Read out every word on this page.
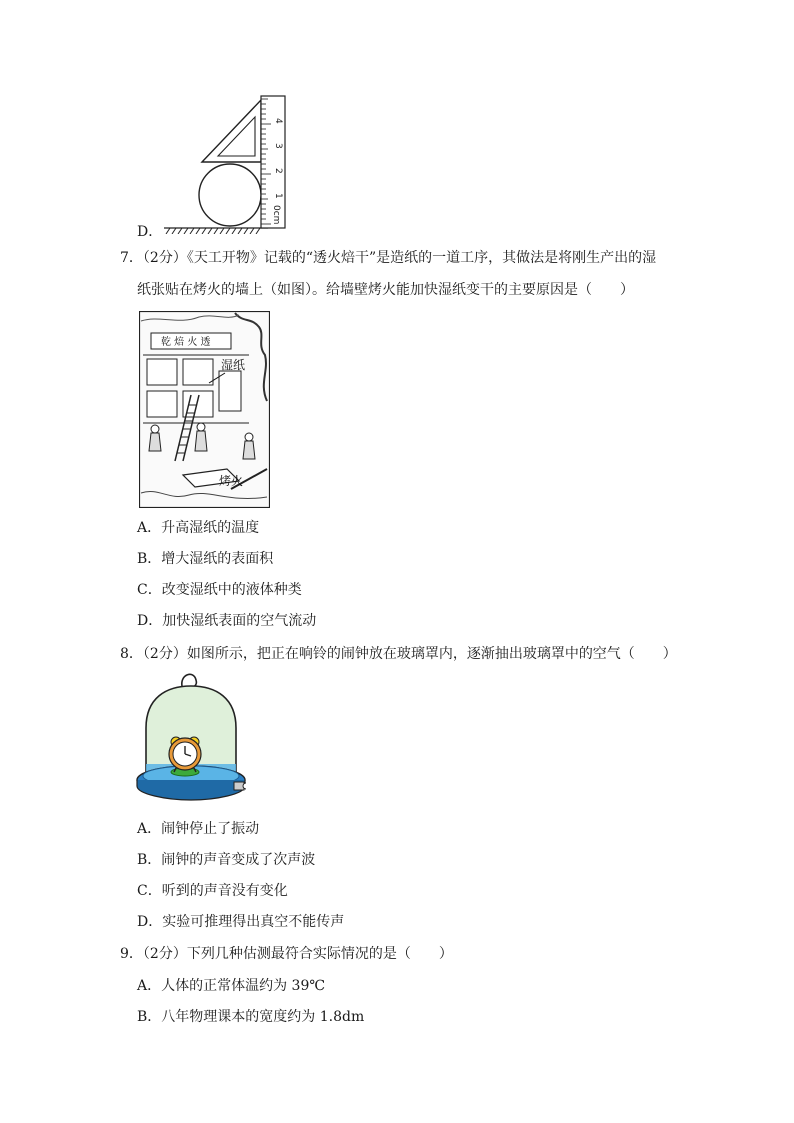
4
3
2
1
0cm
D．
7．（2分）《天工开物》记载的“透火焙干”是造纸的一道工序，其做法是将刚生产出的湿
纸张贴在烤火的墙上（如图）。给墙壁烤火能加快湿纸变干的主要原因是（　　）
乾 焙 火 透
湿纸
烤火
A．升高湿纸的温度
B．增大湿纸的表面积
C．改变湿纸中的液体种类
D．加快湿纸表面的空气流动
8．（2分）如图所示，把正在响铃的闹钟放在玻璃罩内，逐渐抽出玻璃罩中的空气（　　）
A．闹钟停止了振动
B．闹钟的声音变成了次声波
C．听到的声音没有变化
D．实验可推理得出真空不能传声
9．（2分）下列几种估测最符合实际情况的是（　　）
A．人体的正常体温约为 39℃
B．八年物理课本的宽度约为 1.8dm
